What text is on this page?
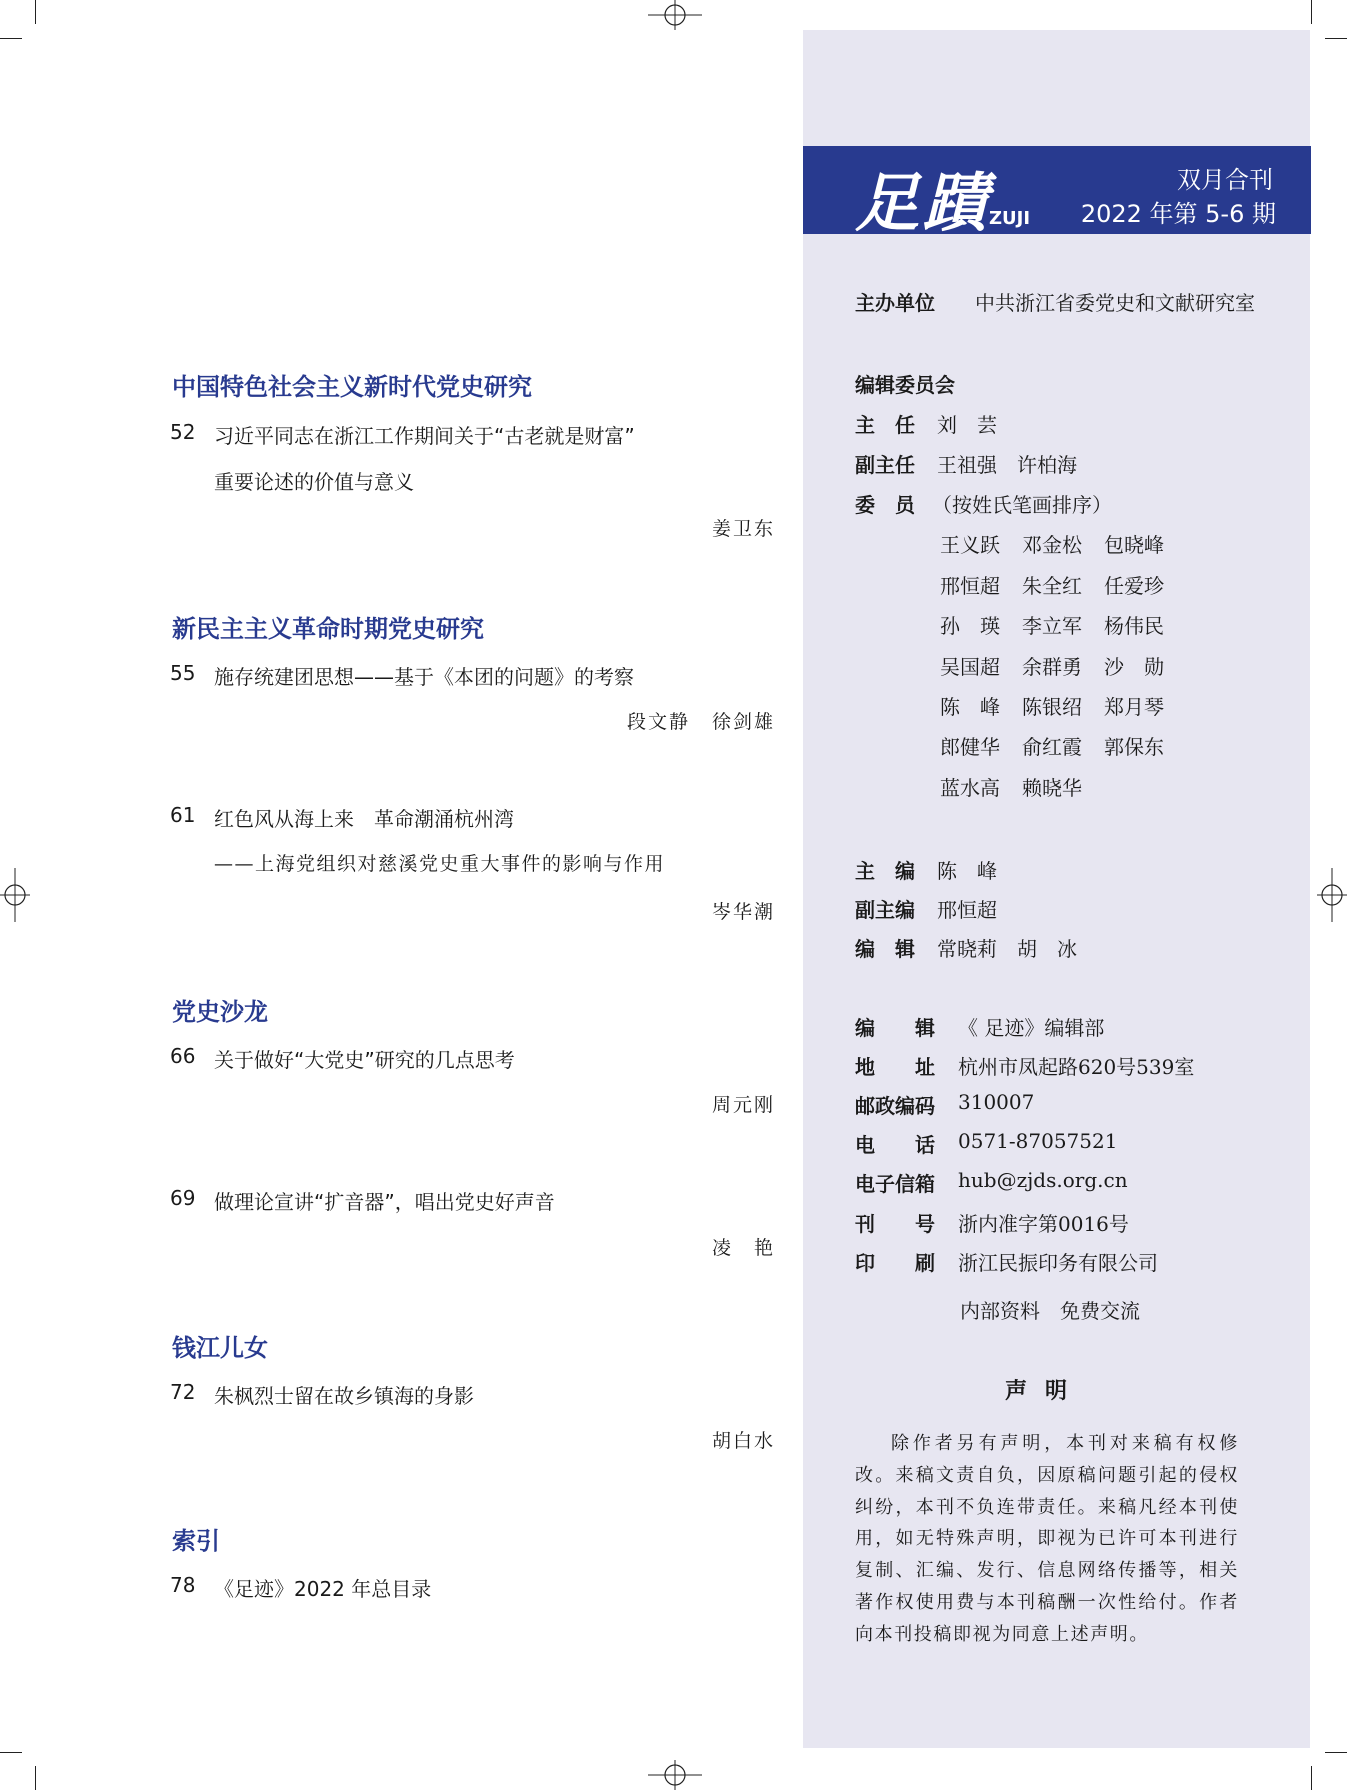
足蹟
ZUJI
双月合刊
2022 年第 5-6 期
中国特色社会主义新时代党史研究
52 习近平同志在浙江工作期间关于“古老就是财富”
重要论述的价值与意义
姜卫东
新民主主义革命时期党史研究
55 施存统建团思想——基于《本团的问题》的考察
段文静 徐剑雄
61 红色风从海上来　革命潮涌杭州湾
——上海党组织对慈溪党史重大事件的影响与作用
岑华潮
党史沙龙
66 关于做好“大党史”研究的几点思考
周元刚
69 做理论宣讲“扩音器”，唱出党史好声音
凌　艳
钱江儿女
72 朱枫烈士留在故乡镇海的身影
胡白水
索引
78 《足迹》2022 年总目录
主办单位 中共浙江省委党史和文献研究室
编辑委员会
主　任 刘　芸
副主任 王祖强　许柏海
委　员 （按姓氏笔画排序）
王义跃 邓金松 包晓峰
邢恒超 朱全红 任爱珍
孙　瑛 李立军 杨伟民
吴国超 余群勇 沙　勋
陈　峰 陈银绍 郑月琴
郎健华 俞红霞 郭保东
蓝水高 赖晓华
主　编 陈　峰
副主编 邢恒超
编　辑 常晓莉　胡　冰
编　　辑 《 足迹》编辑部
地　　址 杭州市凤起路620号539室
邮政编码 310007
电　　话 0571-87057521
电子信箱 hub@zjds.org.cn
刊　　号 浙内准字第0016号
印　　刷 浙江民振印务有限公司
内部资料　免费交流
声明
除作者另有声明，本刊对来稿有权修改。来稿文责自负，因原稿问题引起的侵权纠纷，本刊不负连带责任。来稿凡经本刊使用，如无特殊声明，即视为已许可本刊进行复制、汇编、发行、信息网络传播等，相关著作权使用费与本刊稿酬一次性给付。作者向本刊投稿即视为同意上述声明。
